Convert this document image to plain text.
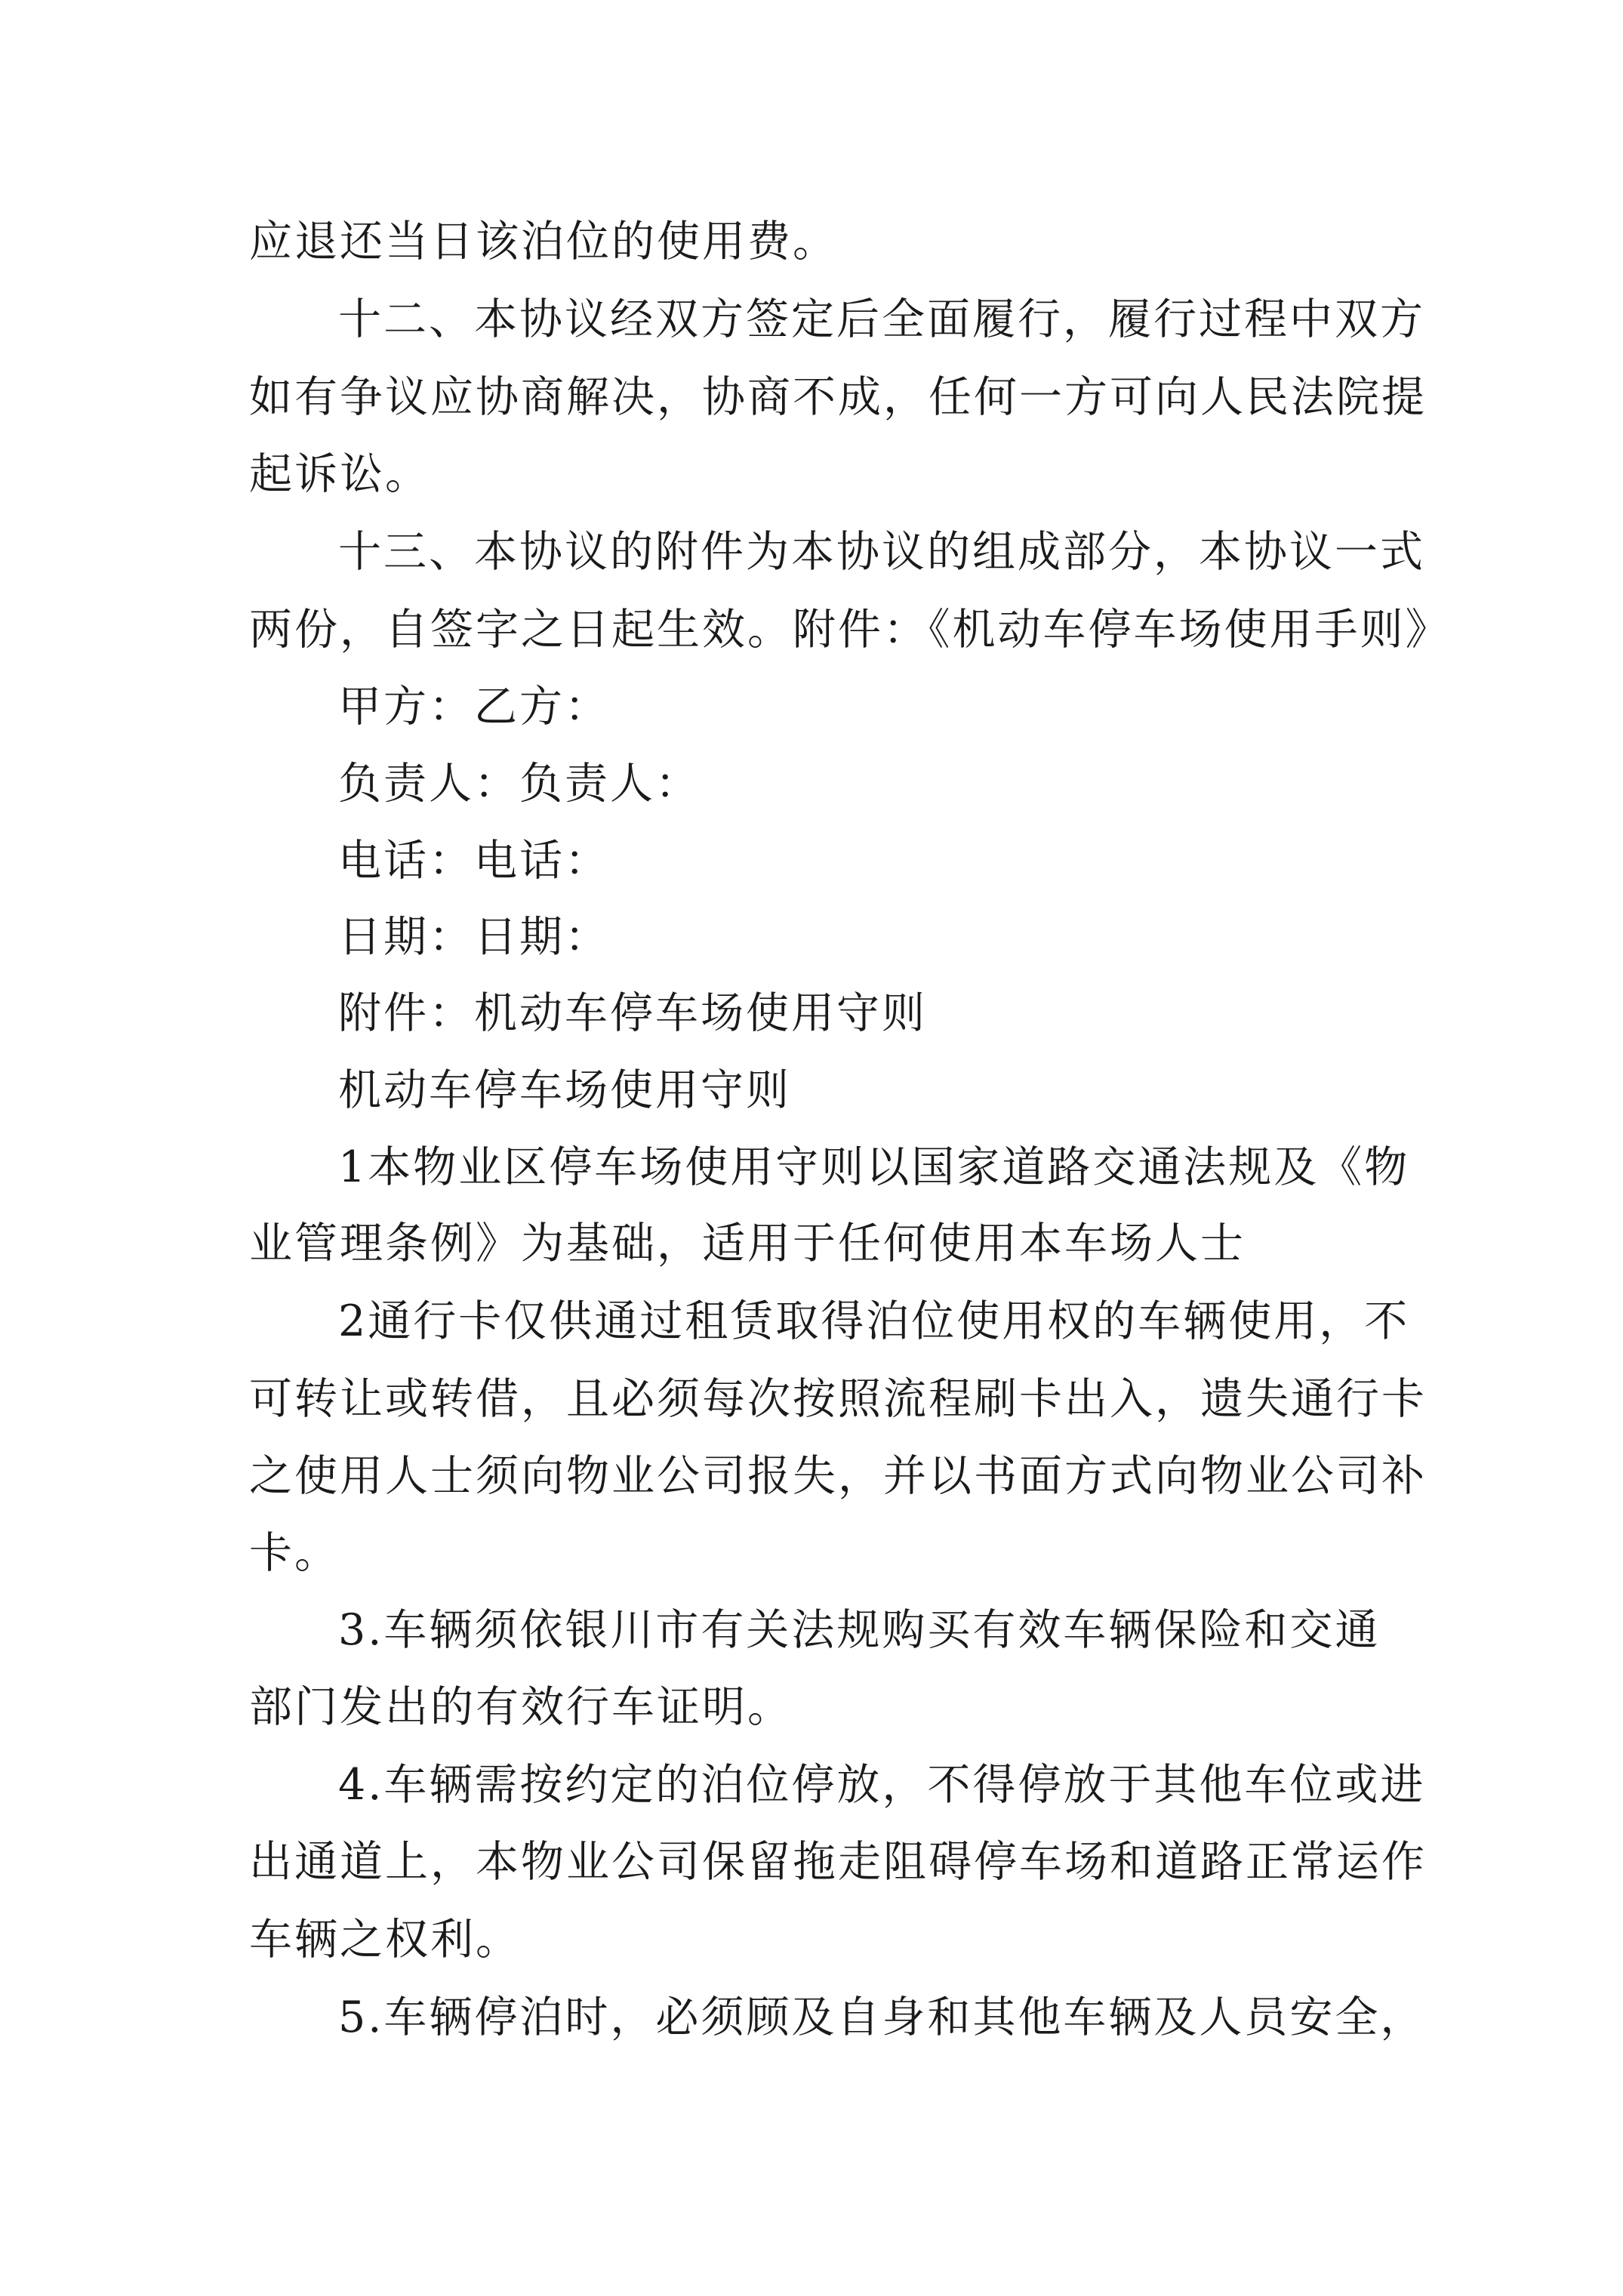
应退还当日该泊位的使用费。
十二、本协议经双方签定后全面履行，履行过程中双方
如有争议应协商解决，协商不成，任何一方可向人民法院提
起诉讼。
十三、本协议的附件为本协议的组成部分，本协议一式
两份，自签字之日起生效。附件：《机动车停车场使用手则》
甲方：乙方：
负责人：负责人：
电话：电话：
日期：日期：
附件：机动车停车场使用守则
机动车停车场使用守则
1本物业区停车场使用守则以国家道路交通法规及《物
业管理条例》为基础，适用于任何使用本车场人士
2通行卡仅供通过租赁取得泊位使用权的车辆使用，不
可转让或转借，且必须每次按照流程刷卡出入，遗失通行卡
之使用人士须向物业公司报失，并以书面方式向物业公司补
卡。
3.车辆须依银川市有关法规购买有效车辆保险和交通
部门发出的有效行车证明。
4.车辆需按约定的泊位停放，不得停放于其他车位或进
出通道上，本物业公司保留拖走阻碍停车场和道路正常运作
车辆之权利。
5.车辆停泊时，必须顾及自身和其他车辆及人员安全，
